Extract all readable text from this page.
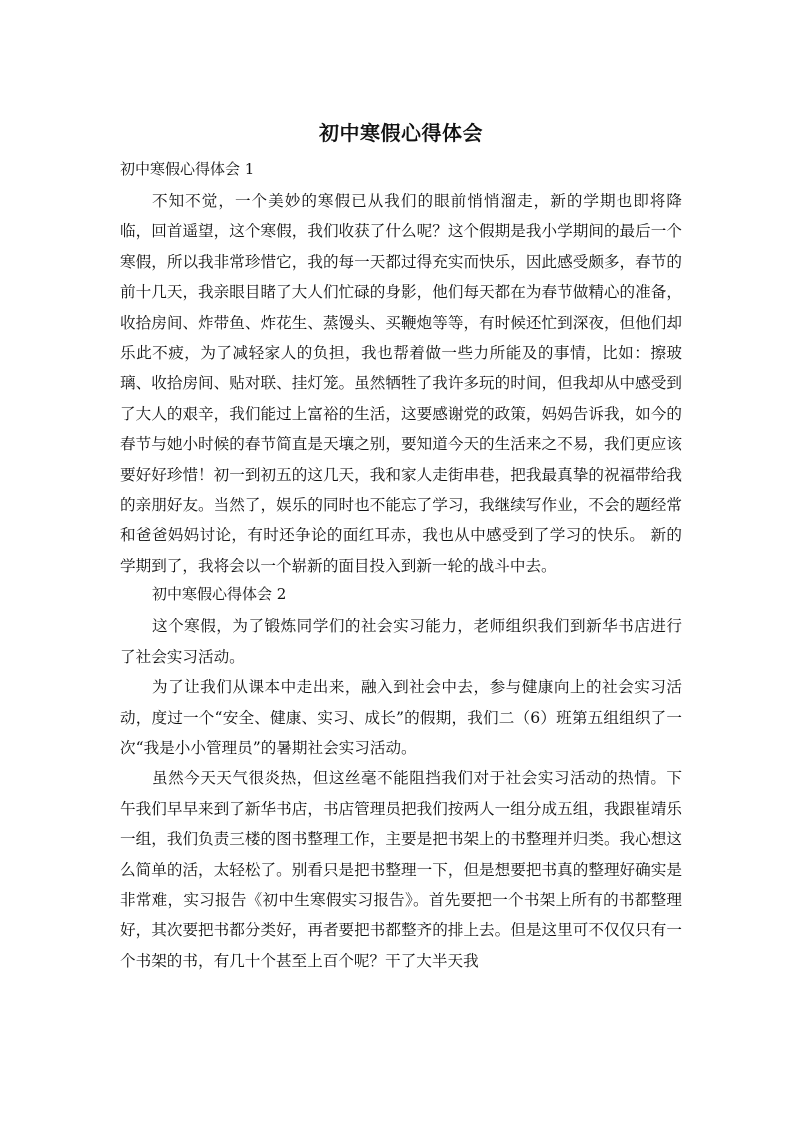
初中寒假心得体会
初中寒假心得体会 1

不知不觉，一个美妙的寒假已从我们的眼前悄悄溜走，新的学期也即将降临，回首遥望，这个寒假，我们收获了什么呢？这个假期是我小学期间的最后一个寒假，所以我非常珍惜它，我的每一天都过得充实而快乐，因此感受颇多，春节的前十几天，我亲眼目睹了大人们忙碌的身影，他们每天都在为春节做精心的准备，收拾房间、炸带鱼、炸花生、蒸馒头、买鞭炮等等，有时候还忙到深夜，但他们却乐此不疲，为了减轻家人的负担，我也帮着做一些力所能及的事情，比如：擦玻璃、收拾房间、贴对联、挂灯笼。虽然牺牲了我许多玩的时间，但我却从中感受到了大人的艰辛，我们能过上富裕的生活，这要感谢党的政策，妈妈告诉我，如今的春节与她小时候的春节简直是天壤之别，要知道今天的生活来之不易，我们更应该要好好珍惜！初一到初五的这几天，我和家人走街串巷，把我最真挚的祝福带给我的亲朋好友。当然了，娱乐的同时也不能忘了学习，我继续写作业，不会的题经常和爸爸妈妈讨论，有时还争论的面红耳赤，我也从中感受到了学习的快乐。 新的学期到了，我将会以一个崭新的面目投入到新一轮的战斗中去。

初中寒假心得体会 2

这个寒假，为了锻炼同学们的社会实习能力，老师组织我们到新华书店进行了社会实习活动。

为了让我们从课本中走出来，融入到社会中去，参与健康向上的社会实习活动，度过一个“安全、健康、实习、成长”的假期，我们二（6）班第五组组织了一次“我是小小管理员”的暑期社会实习活动。

虽然今天天气很炎热，但这丝毫不能阻挡我们对于社会实习活动的热情。下午我们早早来到了新华书店，书店管理员把我们按两人一组分成五组，我跟崔靖乐一组，我们负责三楼的图书整理工作，主要是把书架上的书整理并归类。我心想这么简单的活，太轻松了。别看只是把书整理一下，但是想要把书真的整理好确实是非常难，实习报告《初中生寒假实习报告》。首先要把一个书架上所有的书都整理好，其次要把书都分类好，再者要把书都整齐的排上去。但是这里可不仅仅只有一个书架的书，有几十个甚至上百个呢？干了大半天我
